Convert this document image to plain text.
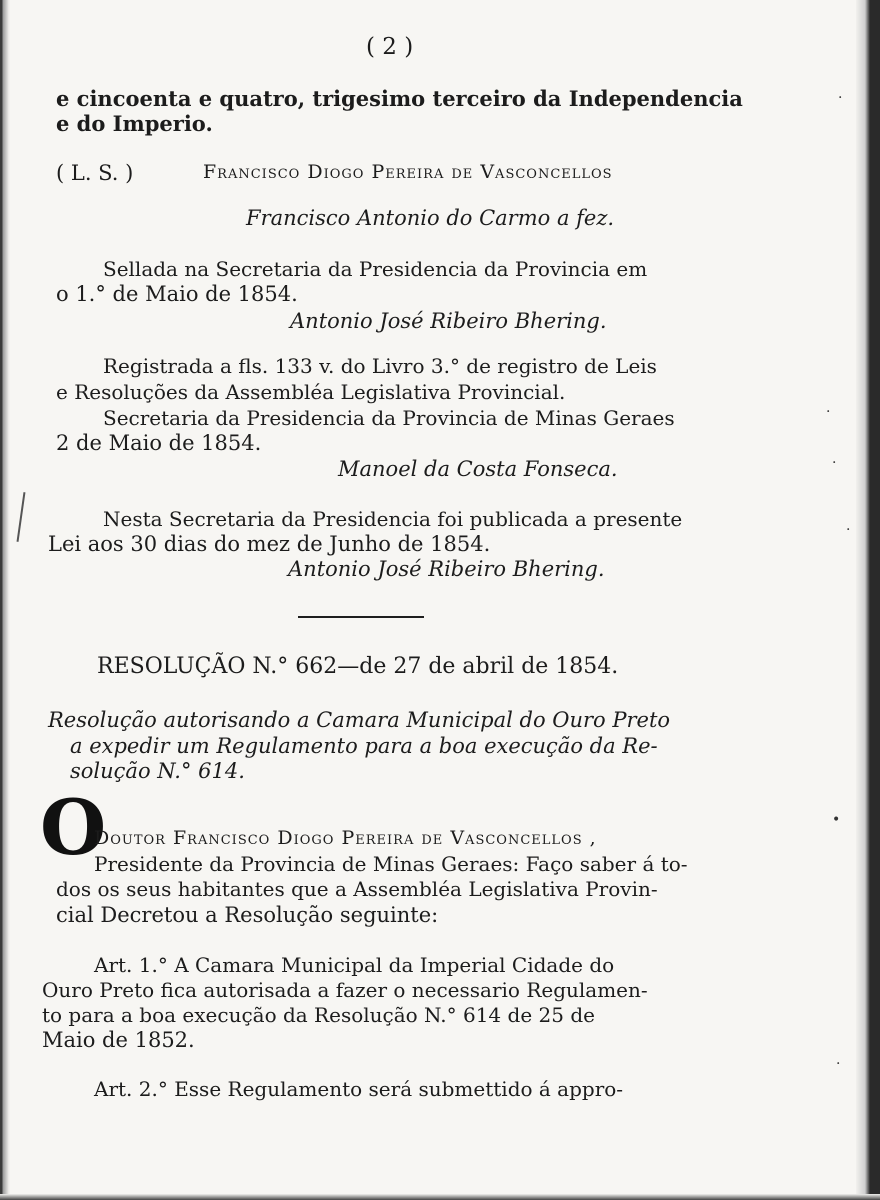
( 2 )
e cincoenta e quatro, trigesimo terceiro da Independencia
e do Imperio.
( L. S. )	Francisco Diogo Pereira de Vasconcellos
Francisco Antonio do Carmo a fez.
Sellada na Secretaria da Presidencia da Provincia em
o 1.° de Maio de 1854.
Antonio José Ribeiro Bhering.
Registrada a fls. 133 v. do Livro 3.° de registro de Leis
e Resoluções da Assembléa Legislativa Provincial.
Secretaria da Presidencia da Provincia de Minas Geraes
2 de Maio de 1854.
Manoel da Costa Fonseca.
Nesta Secretaria da Presidencia foi publicada a presente
Lei aos 30 dias do mez de Junho de 1854.
Antonio José Ribeiro Bhering.
RESOLUÇÃO N.° 662—de 27 de abril de 1854.
Resolução autorisando a Camara Municipal do Ouro Preto
a expedir um Regulamento para a boa execução da Re-
solução N.° 614.
O
Doutor Francisco Diogo Pereira de Vasconcellos ,
Presidente da Provincia de Minas Geraes: Faço saber á to-
dos os seus habitantes que a Assembléa Legislativa Provin-
cial Decretou a Resolução seguinte:
Art. 1.° A Camara Municipal da Imperial Cidade do
Ouro Preto fica autorisada a fazer o necessario Regulamen-
to para a boa execução da Resolução N.° 614 de 25 de
Maio de 1852.
Art. 2.° Esse Regulamento será submettido á appro-
·
·
·
·
•
·
